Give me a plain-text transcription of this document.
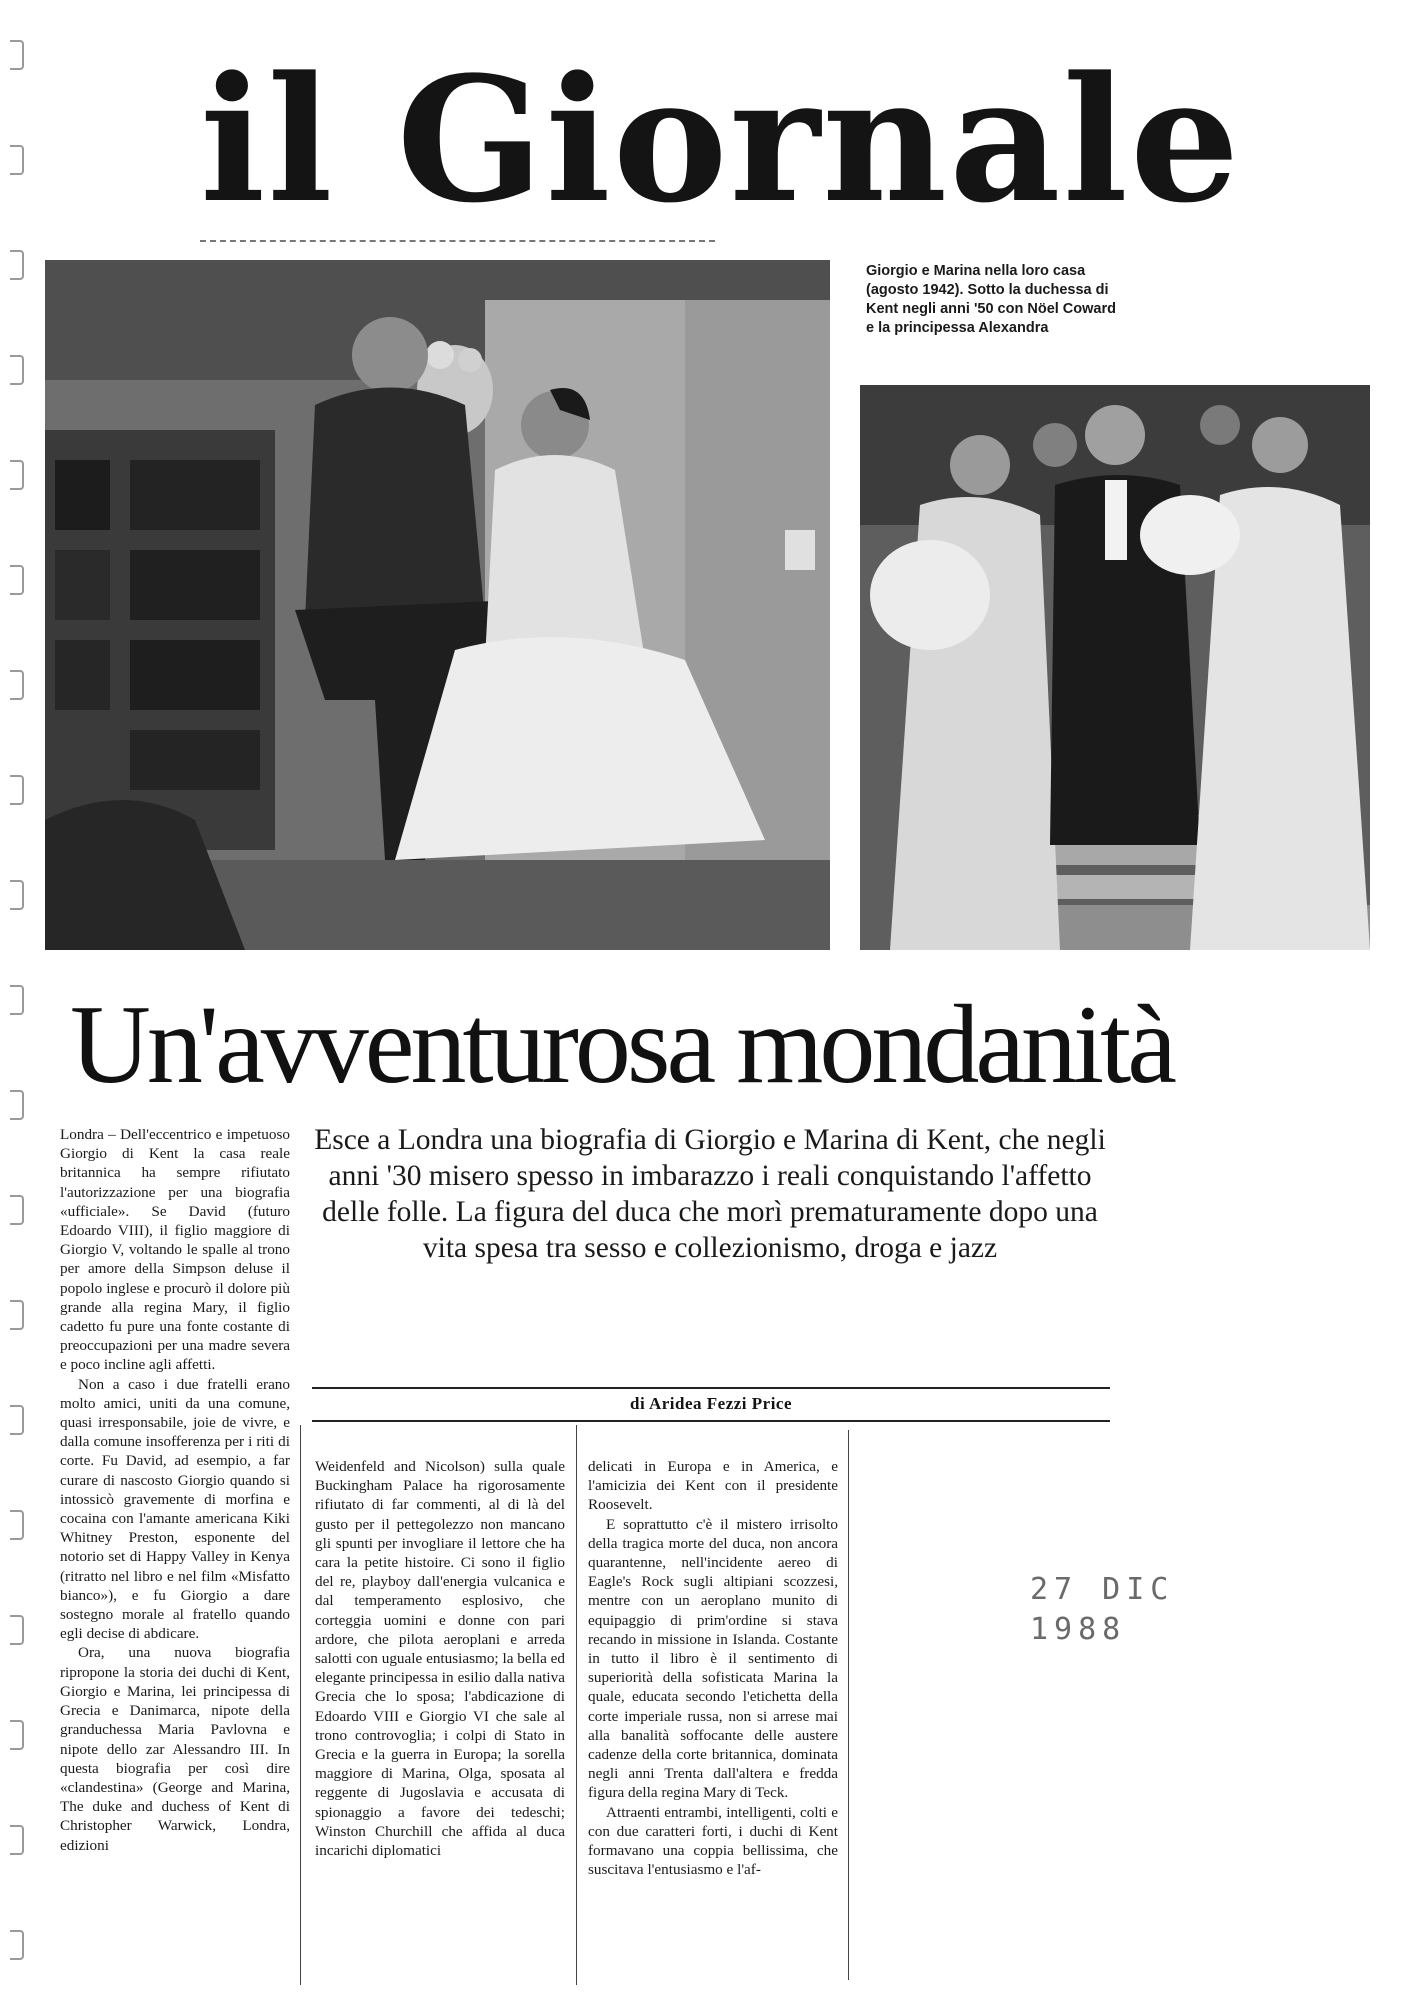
il Giornale
Giorgio e Marina nella loro casa (agosto 1942). Sotto la duchessa di Kent negli anni '50 con Nöel Coward e la principessa Alexandra
Un'avventurosa mondanità
Esce a Londra una biografia di Giorgio e Marina di Kent, che negli anni '30 misero spesso in imbarazzo i reali conquistando l'affetto delle folle. La figura del duca che morì prematuramente dopo una vita spesa tra sesso e collezionismo, droga e jazz
di Aridea Fezzi Price

Londra – Dell'eccentrico e impetuoso Giorgio di Kent la casa reale britannica ha sempre rifiutato l'autorizzazione per una biografia «ufficiale». Se David (futuro Edoardo VIII), il figlio maggiore di Giorgio V, voltando le spalle al trono per amore della Simpson deluse il popolo inglese e procurò il dolore più grande alla regina Mary, il figlio cadetto fu pure una fonte costante di preoccupazioni per una madre severa e poco incline agli affetti.

Non a caso i due fratelli erano molto amici, uniti da una comune, quasi irresponsabile, joie de vivre, e dalla comune insofferenza per i riti di corte. Fu David, ad esempio, a far curare di nascosto Giorgio quando si intossicò gravemente di morfina e cocaina con l'amante americana Kiki Whitney Preston, esponente del notorio set di Happy Valley in Kenya (ritratto nel libro e nel film «Misfatto bianco»), e fu Giorgio a dare sostegno morale al fratello quando egli decise di abdicare.

Ora, una nuova biografia ripropone la storia dei duchi di Kent, Giorgio e Marina, lei principessa di Grecia e Danimarca, nipote della granduchessa Maria Pavlovna e nipote dello zar Alessandro III. In questa biografia per così dire «clandestina» (George and Marina, The duke and duchess of Kent di Christopher Warwick, Londra, edizioni

Weidenfeld and Nicolson) sulla quale Buckingham Palace ha rigorosamente rifiutato di far commenti, al di là del gusto per il pettegolezzo non mancano gli spunti per invogliare il lettore che ha cara la petite histoire. Ci sono il figlio del re, playboy dall'energia vulcanica e dal temperamento esplosivo, che corteggia uomini e donne con pari ardore, che pilota aeroplani e arreda salotti con uguale entusiasmo; la bella ed elegante principessa in esilio dalla nativa Grecia che lo sposa; l'abdicazione di Edoardo VIII e Giorgio VI che sale al trono controvoglia; i colpi di Stato in Grecia e la guerra in Europa; la sorella maggiore di Marina, Olga, sposata al reggente di Jugoslavia e accusata di spionaggio a favore dei tedeschi; Winston Churchill che affida al duca incarichi diplomatici

delicati in Europa e in America, e l'amicizia dei Kent con il presidente Roosevelt.

E soprattutto c'è il mistero irrisolto della tragica morte del duca, non ancora quarantenne, nell'incidente aereo di Eagle's Rock sugli altipiani scozzesi, mentre con un aeroplano munito di equipaggio di prim'ordine si stava recando in missione in Islanda. Costante in tutto il libro è il sentimento di superiorità della sofisticata Marina la quale, educata secondo l'etichetta della corte imperiale russa, non si arrese mai alla banalità soffocante delle austere cadenze della corte britannica, dominata negli anni Trenta dall'altera e fredda figura della regina Mary di Teck.

Attraenti entrambi, intelligenti, colti e con due caratteri forti, i duchi di Kent formavano una coppia bellissima, che suscitava l'entusiasmo e l'af-

27 DIC 1988
